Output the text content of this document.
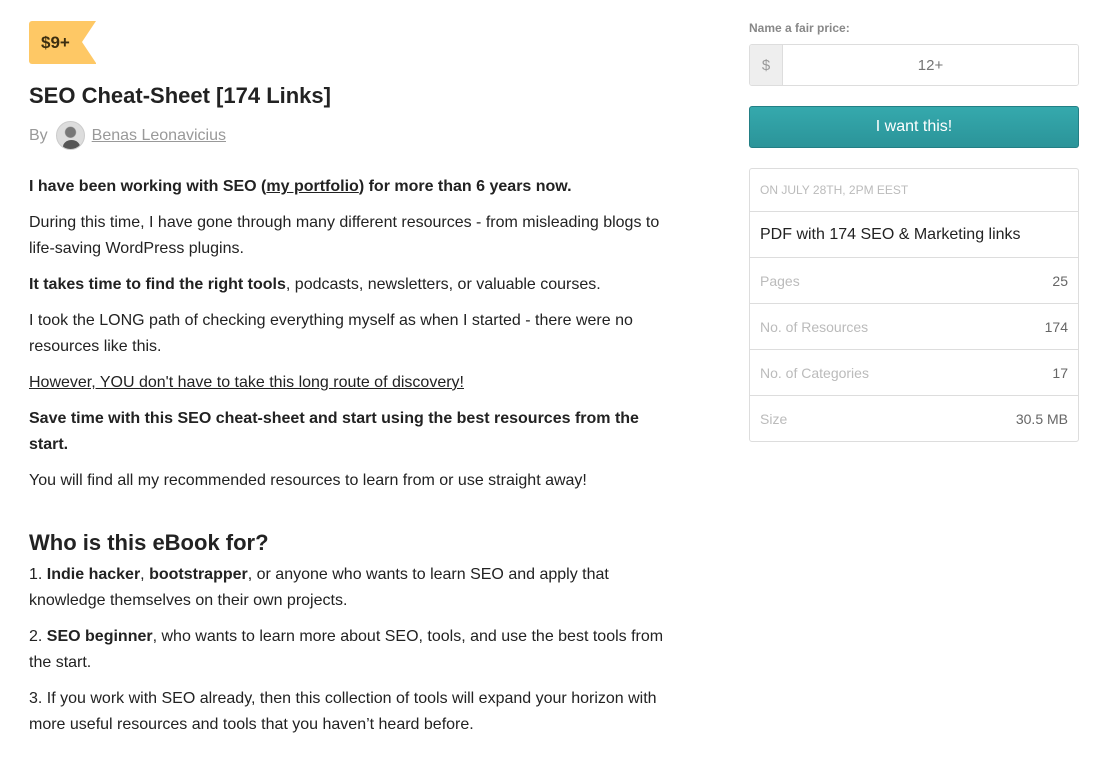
$9+
SEO Cheat-Sheet [174 Links]
By	Benas Leonavicius

I have been working with SEO (my portfolio) for more than 6 years now.

During this time, I have gone through many different resources - from misleading blogs to life-saving WordPress plugins.

It takes time to find the right tools, podcasts, newsletters, or valuable courses.

I took the LONG path of checking everything myself as when I started - there were no resources like this.

However, YOU don't have to take this long route of discovery!

Save time with this SEO cheat-sheet and start using the best resources from the start.

You will find all my recommended resources to learn from or use straight away!

Who is this eBook for?

1. Indie hacker, bootstrapper, or anyone who wants to learn SEO and apply that knowledge themselves on their own projects.

2. SEO beginner, who wants to learn more about SEO, tools, and use the best tools from the start.

3. If you work with SEO already, then this collection of tools will expand your horizon with more useful resources and tools that you haven’t heard before.

Name a fair price:
$
12+
I want this!
ON JULY 28TH, 2PM EEST
PDF with 174 SEO & Marketing links
Pages	25
No. of Resources	174
No. of Categories	17
Size	30.5 MB
